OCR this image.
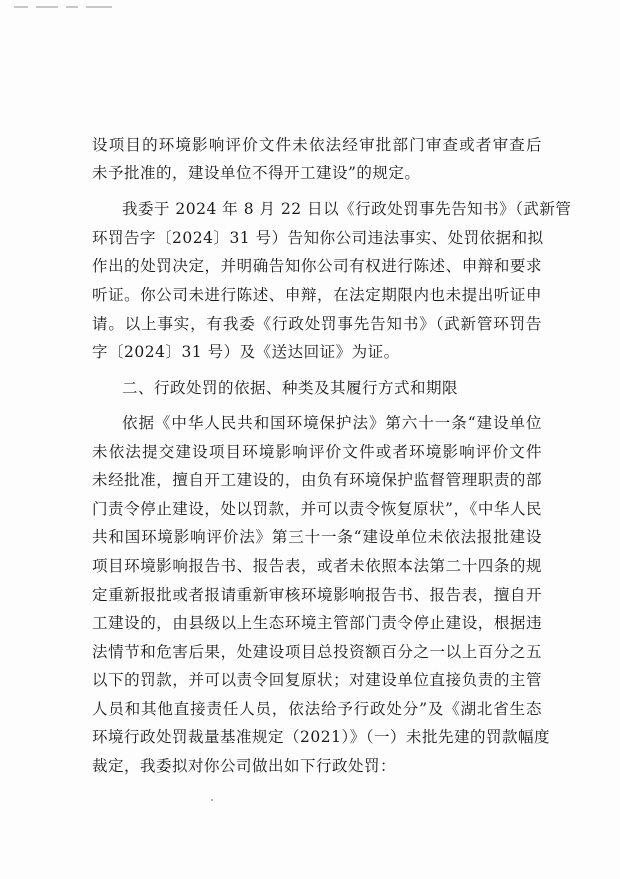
设项目的环境影响评价文件未依法经审批部门审查或者审查后
未予批准的，建设单位不得开工建设”的规定。
我委于 2024 年 8 月 22 日以《行政处罚事先告知书》（武新管
环罚告字〔2024〕31 号）告知你公司违法事实、处罚依据和拟
作出的处罚决定，并明确告知你公司有权进行陈述、申辩和要求
听证。你公司未进行陈述、申辩，在法定期限内也未提出听证申
请。以上事实，有我委《行政处罚事先告知书》（武新管环罚告
字〔2024〕31 号）及《送达回证》为证。
二、行政处罚的依据、种类及其履行方式和期限
依据《中华人民共和国环境保护法》第六十一条“建设单位
未依法提交建设项目环境影响评价文件或者环境影响评价文件
未经批准，擅自开工建设的，由负有环境保护监督管理职责的部
门责令停止建设，处以罚款，并可以责令恢复原状”，《中华人民
共和国环境影响评价法》第三十一条“建设单位未依法报批建设
项目环境影响报告书、报告表，或者未依照本法第二十四条的规
定重新报批或者报请重新审核环境影响报告书、报告表，擅自开
工建设的，由县级以上生态环境主管部门责令停止建设，根据违
法情节和危害后果，处建设项目总投资额百分之一以上百分之五
以下的罚款，并可以责令回复原状；对建设单位直接负责的主管
人员和其他直接责任人员，依法给予行政处分”及《湖北省生态
环境行政处罚裁量基准规定（2021）》（一）未批先建的罚款幅度
裁定，我委拟对你公司做出如下行政处罚：
